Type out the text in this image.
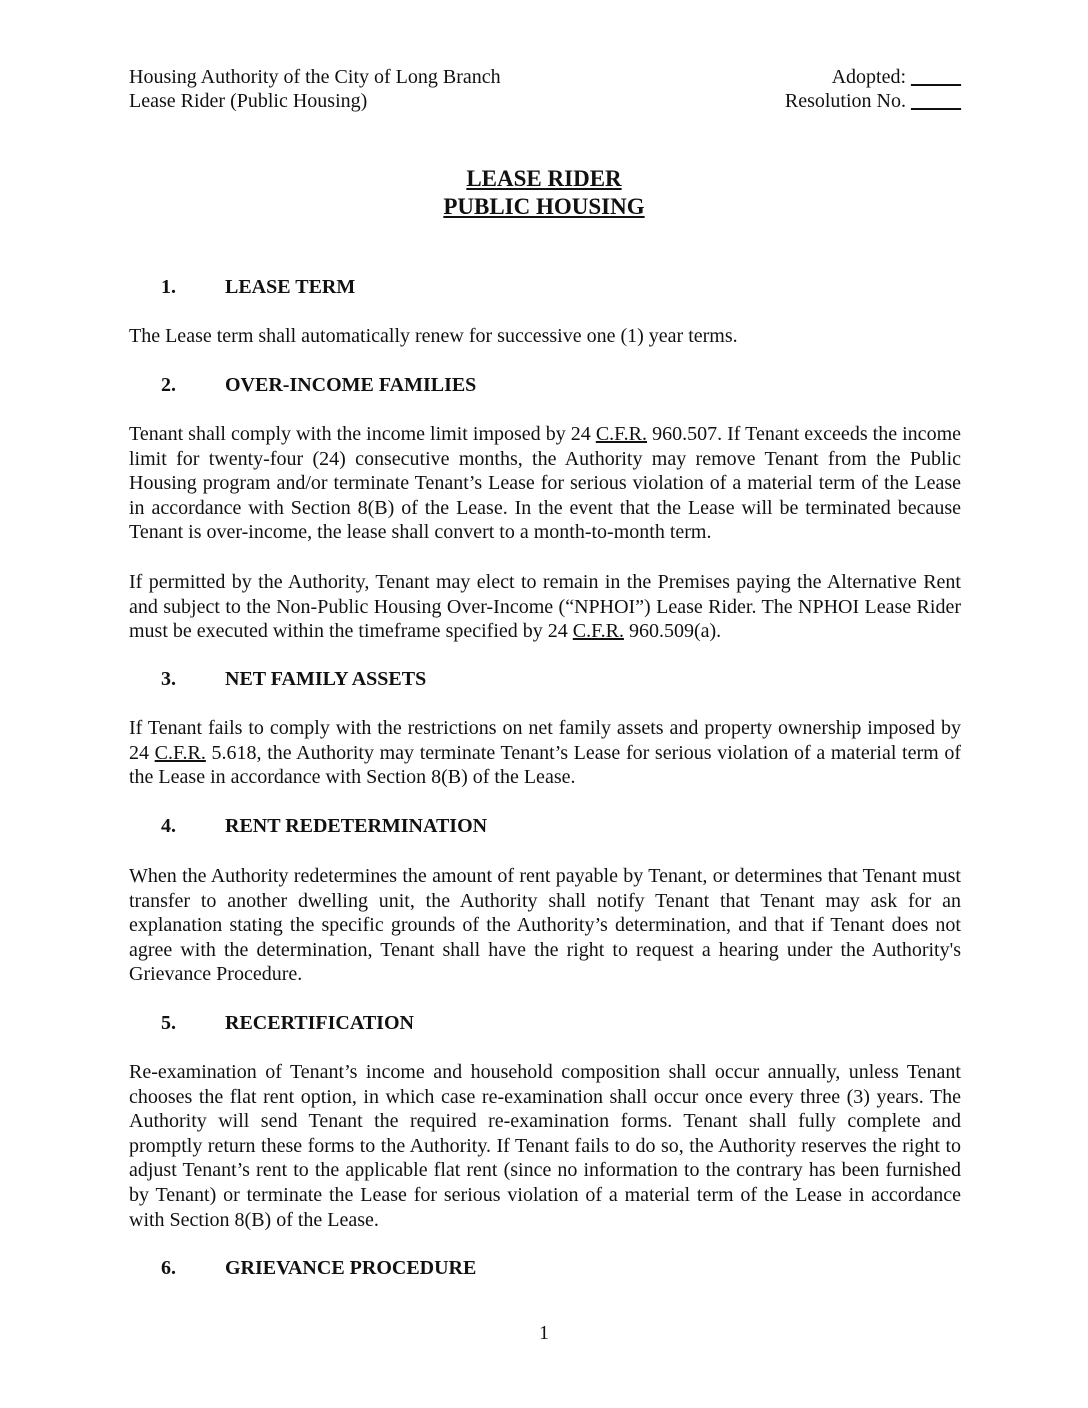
Housing Authority of the City of Long Branch
Lease Rider (Public Housing)
Adopted: _____
Resolution No. _____
LEASE RIDER
PUBLIC HOUSING
1. LEASE TERM
The Lease term shall automatically renew for successive one (1) year terms.
2. OVER-INCOME FAMILIES
Tenant shall comply with the income limit imposed by 24 C.F.R. 960.507. If Tenant exceeds the income limit for twenty-four (24) consecutive months, the Authority may remove Tenant from the Public Housing program and/or terminate Tenant’s Lease for serious violation of a material term of the Lease in accordance with Section 8(B) of the Lease. In the event that the Lease will be terminated because Tenant is over-income, the lease shall convert to a month-to-month term.
If permitted by the Authority, Tenant may elect to remain in the Premises paying the Alternative Rent and subject to the Non-Public Housing Over-Income (“NPHOI”) Lease Rider. The NPHOI Lease Rider must be executed within the timeframe specified by 24 C.F.R. 960.509(a).
3. NET FAMILY ASSETS
If Tenant fails to comply with the restrictions on net family assets and property ownership imposed by 24 C.F.R. 5.618, the Authority may terminate Tenant’s Lease for serious violation of a material term of the Lease in accordance with Section 8(B) of the Lease.
4. RENT REDETERMINATION
When the Authority redetermines the amount of rent payable by Tenant, or determines that Tenant must transfer to another dwelling unit, the Authority shall notify Tenant that Tenant may ask for an explanation stating the specific grounds of the Authority’s determination, and that if Tenant does not agree with the determination, Tenant shall have the right to request a hearing under the Authority's Grievance Procedure.
5. RECERTIFICATION
Re-examination of Tenant’s income and household composition shall occur annually, unless Tenant chooses the flat rent option, in which case re-examination shall occur once every three (3) years. The Authority will send Tenant the required re-examination forms. Tenant shall fully complete and promptly return these forms to the Authority. If Tenant fails to do so, the Authority reserves the right to adjust Tenant’s rent to the applicable flat rent (since no information to the contrary has been furnished by Tenant) or terminate the Lease for serious violation of a material term of the Lease in accordance with Section 8(B) of the Lease.
6. GRIEVANCE PROCEDURE
1
